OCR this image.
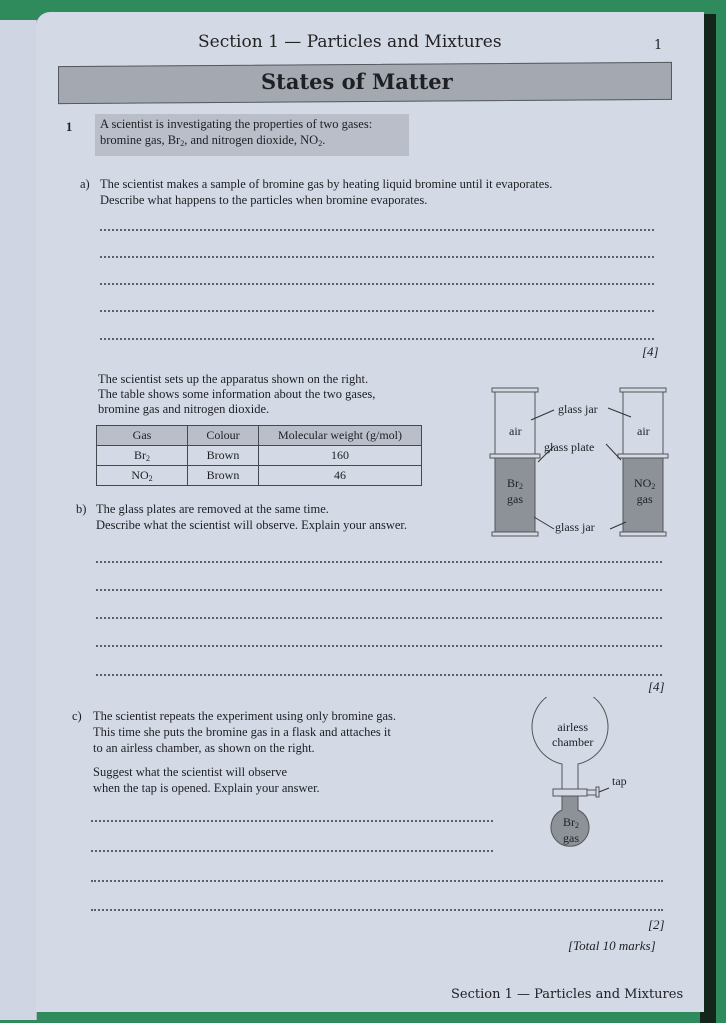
Section 1 — Particles and Mixtures	1
States of Matter
1 A scientist is investigating the properties of two gases:
bromine gas, $Br_2$, and nitrogen dioxide, $NO_2$.
a) The scientist makes a sample of bromine gas by heating liquid bromine until it evaporates.
Describe what happens to the particles when bromine evaporates.
[4]
The scientist sets up the apparatus shown on the right.
The table shows some information about the two gases,
bromine gas and nitrogen dioxide.
Gas	Colour	Molecular weight (g/mol)
$Br_2$	Brown	160
$NO_2$	Brown	46
glass jar
glass plate
glass jar
air	air
$Br_2$
gas
$NO_2$
gas
b) The glass plates are removed at the same time.
Describe what the scientist will observe. Explain your answer.
[4]
c) The scientist repeats the experiment using only bromine gas.
This time she puts the bromine gas in a flask and attaches it
to an airless chamber, as shown on the right.
Suggest what the scientist will observe
when the tap is opened. Explain your answer.
airless
chamber
tap
$Br_2$
gas
[2]
[Total 10 marks]
Section 1 — Particles and Mixtures
